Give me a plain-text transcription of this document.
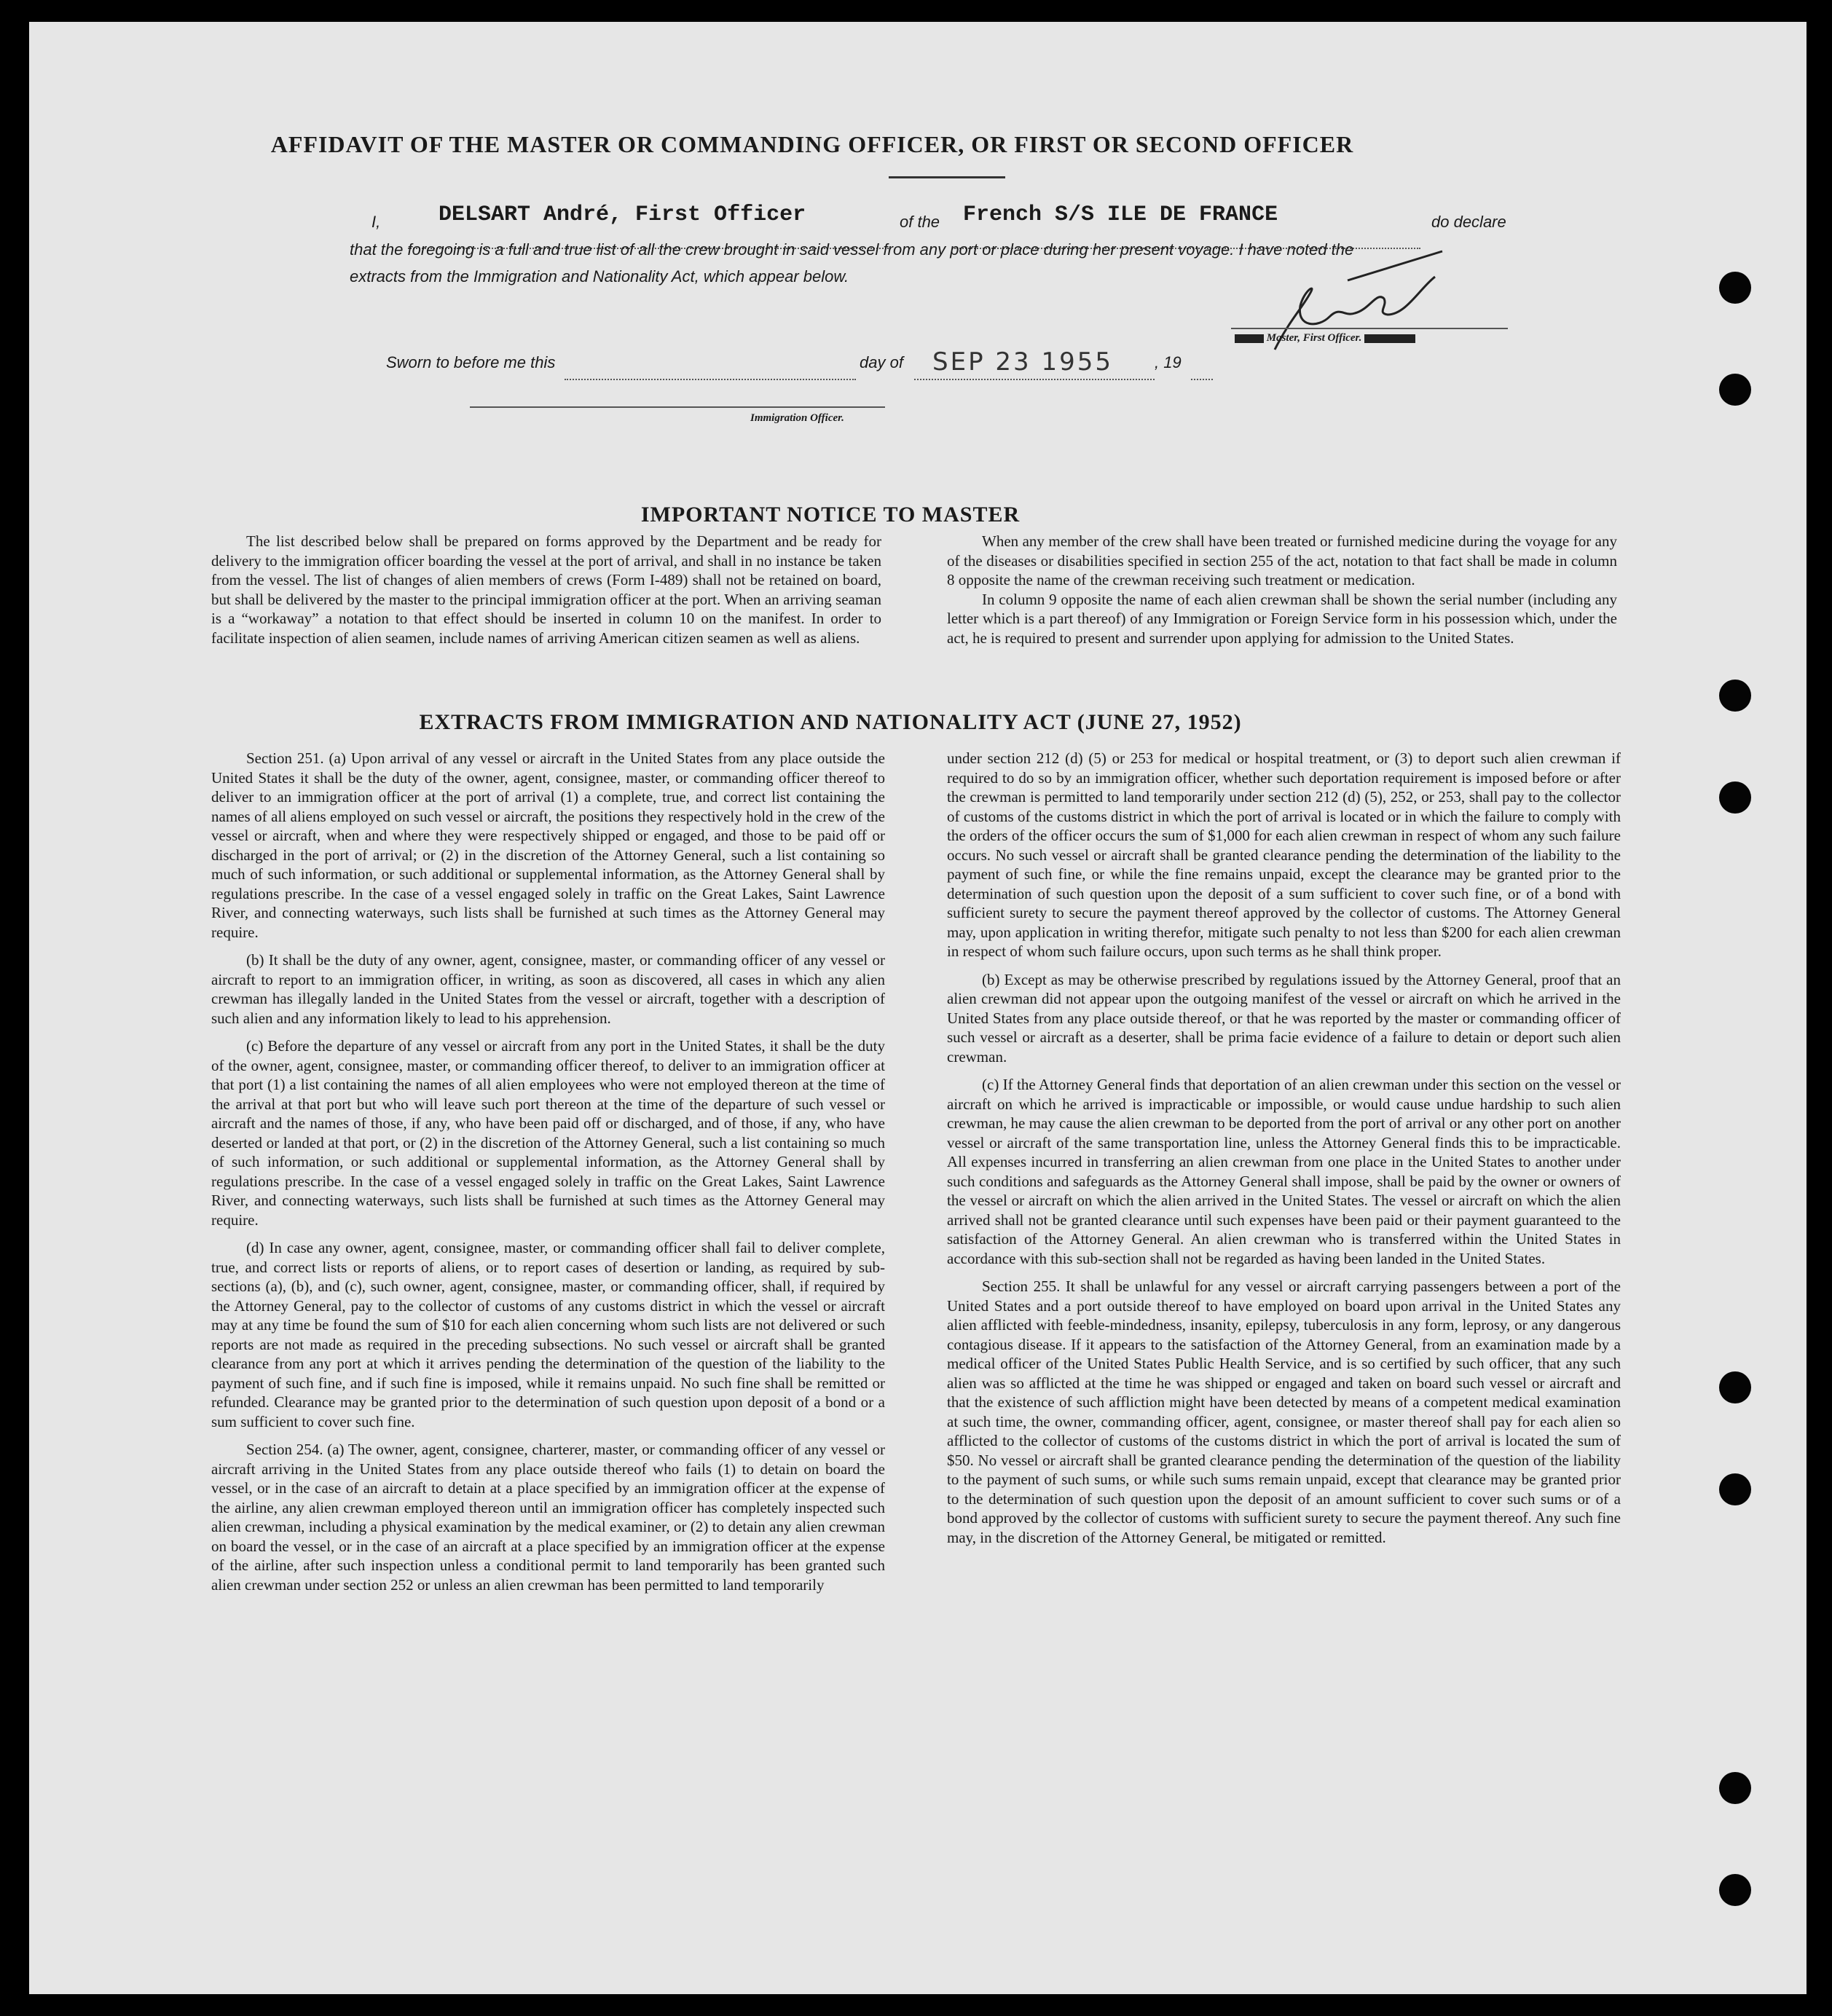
AFFIDAVIT OF THE MASTER OR COMMANDING OFFICER, OR FIRST OR SECOND OFFICER
I,	DELSART André, First Officer	of the French S/S ILE DE FRANCE	do declare
that the foregoing is a full and true list of all the crew brought in said vessel from any port or place during her present voyage. I have noted the
extracts from the Immigration and Nationality Act, which appear below.
Master, First Officer.
Sworn to before me this	day of SEP 23 1955	, 19
Immigration Officer.
IMPORTANT NOTICE TO MASTER

The list described below shall be prepared on forms approved by the Department and be ready for delivery to the immigration officer boarding the vessel at the port of arrival, and shall in no instance be taken from the vessel. The list of changes of alien members of crews (Form I-489) shall not be retained on board, but shall be delivered by the master to the principal immigration officer at the port. When an arriving seaman is a “workaway” a notation to that effect should be inserted in column 10 on the manifest. In order to facilitate inspection of alien seamen, include names of arriving American citizen seamen as well as aliens.

When any member of the crew shall have been treated or furnished medicine during the voyage for any of the diseases or disabilities specified in section 255 of the act, notation to that fact shall be made in column 8 opposite the name of the crewman receiving such treatment or medication.

In column 9 opposite the name of each alien crewman shall be shown the serial number (including any letter which is a part thereof) of any Immigration or Foreign Service form in his possession which, under the act, he is required to present and surrender upon applying for admission to the United States.

EXTRACTS FROM IMMIGRATION AND NATIONALITY ACT (JUNE 27, 1952)

Section 251. (a) Upon arrival of any vessel or aircraft in the United States from any place outside the United States it shall be the duty of the owner, agent, consignee, master, or commanding officer thereof to deliver to an immigration officer at the port of arrival (1) a complete, true, and correct list containing the names of all aliens employed on such vessel or aircraft, the positions they respectively hold in the crew of the vessel or aircraft, when and where they were respectively shipped or engaged, and those to be paid off or discharged in the port of arrival; or (2) in the discretion of the Attorney General, such a list containing so much of such information, or such additional or supplemental information, as the Attorney General shall by regulations prescribe. In the case of a vessel engaged solely in traffic on the Great Lakes, Saint Lawrence River, and connecting waterways, such lists shall be furnished at such times as the Attorney General may require.

(b) It shall be the duty of any owner, agent, consignee, master, or commanding officer of any vessel or aircraft to report to an immigration officer, in writing, as soon as discovered, all cases in which any alien crewman has illegally landed in the United States from the vessel or aircraft, together with a description of such alien and any information likely to lead to his apprehension.

(c) Before the departure of any vessel or aircraft from any port in the United States, it shall be the duty of the owner, agent, consignee, master, or commanding officer thereof, to deliver to an immigration officer at that port (1) a list containing the names of all alien employees who were not employed thereon at the time of the arrival at that port but who will leave such port thereon at the time of the departure of such vessel or aircraft and the names of those, if any, who have been paid off or discharged, and of those, if any, who have deserted or landed at that port, or (2) in the discretion of the Attorney General, such a list containing so much of such information, or such additional or supplemental information, as the Attorney General shall by regulations prescribe. In the case of a vessel engaged solely in traffic on the Great Lakes, Saint Lawrence River, and connecting waterways, such lists shall be furnished at such times as the Attorney General may require.

(d) In case any owner, agent, consignee, master, or commanding officer shall fail to deliver complete, true, and correct lists or reports of aliens, or to report cases of desertion or landing, as required by sub-sections (a), (b), and (c), such owner, agent, consignee, master, or commanding officer, shall, if required by the Attorney General, pay to the collector of customs of any customs district in which the vessel or aircraft may at any time be found the sum of $10 for each alien concerning whom such lists are not delivered or such reports are not made as required in the preceding subsections. No such vessel or aircraft shall be granted clearance from any port at which it arrives pending the determination of the question of the liability to the payment of such fine, and if such fine is imposed, while it remains unpaid. No such fine shall be remitted or refunded. Clearance may be granted prior to the determination of such question upon deposit of a bond or a sum sufficient to cover such fine.

Section 254. (a) The owner, agent, consignee, charterer, master, or commanding officer of any vessel or aircraft arriving in the United States from any place outside thereof who fails (1) to detain on board the vessel, or in the case of an aircraft to detain at a place specified by an immigration officer at the expense of the airline, any alien crewman employed thereon until an immigration officer has completely inspected such alien crewman, including a physical examination by the medical examiner, or (2) to detain any alien crewman on board the vessel, or in the case of an aircraft at a place specified by an immigration officer at the expense of the airline, after such inspection unless a conditional permit to land temporarily has been granted such alien crewman under section 252 or unless an alien crewman has been permitted to land temporarily

under section 212 (d) (5) or 253 for medical or hospital treatment, or (3) to deport such alien crewman if required to do so by an immigration officer, whether such deportation requirement is imposed before or after the crewman is permitted to land temporarily under section 212 (d) (5), 252, or 253, shall pay to the collector of customs of the customs district in which the port of arrival is located or in which the failure to comply with the orders of the officer occurs the sum of $1,000 for each alien crewman in respect of whom any such failure occurs. No such vessel or aircraft shall be granted clearance pending the determination of the liability to the payment of such fine, or while the fine remains unpaid, except the clearance may be granted prior to the determination of such question upon the deposit of a sum sufficient to cover such fine, or of a bond with sufficient surety to secure the payment thereof approved by the collector of customs. The Attorney General may, upon application in writing therefor, mitigate such penalty to not less than $200 for each alien crewman in respect of whom such failure occurs, upon such terms as he shall think proper.

(b) Except as may be otherwise prescribed by regulations issued by the Attorney General, proof that an alien crewman did not appear upon the outgoing manifest of the vessel or aircraft on which he arrived in the United States from any place outside thereof, or that he was reported by the master or commanding officer of such vessel or aircraft as a deserter, shall be prima facie evidence of a failure to detain or deport such alien crewman.

(c) If the Attorney General finds that deportation of an alien crewman under this section on the vessel or aircraft on which he arrived is impracticable or impossible, or would cause undue hardship to such alien crewman, he may cause the alien crewman to be deported from the port of arrival or any other port on another vessel or aircraft of the same transportation line, unless the Attorney General finds this to be impracticable. All expenses incurred in transferring an alien crewman from one place in the United States to another under such conditions and safeguards as the Attorney General shall impose, shall be paid by the owner or owners of the vessel or aircraft on which the alien arrived in the United States. The vessel or aircraft on which the alien arrived shall not be granted clearance until such expenses have been paid or their payment guaranteed to the satisfaction of the Attorney General. An alien crewman who is transferred within the United States in accordance with this sub-section shall not be regarded as having been landed in the United States.

Section 255. It shall be unlawful for any vessel or aircraft carrying passengers between a port of the United States and a port outside thereof to have employed on board upon arrival in the United States any alien afflicted with feeble-mindedness, insanity, epilepsy, tuberculosis in any form, leprosy, or any dangerous contagious disease. If it appears to the satisfaction of the Attorney General, from an examination made by a medical officer of the United States Public Health Service, and is so certified by such officer, that any such alien was so afflicted at the time he was shipped or engaged and taken on board such vessel or aircraft and that the existence of such affliction might have been detected by means of a competent medical examination at such time, the owner, commanding officer, agent, consignee, or master thereof shall pay for each alien so afflicted to the collector of customs of the customs district in which the port of arrival is located the sum of $50. No vessel or aircraft shall be granted clearance pending the determination of the question of the liability to the payment of such sums, or while such sums remain unpaid, except that clearance may be granted prior to the determination of such question upon the deposit of an amount sufficient to cover such sums or of a bond approved by the collector of customs with sufficient surety to secure the payment thereof. Any such fine may, in the discretion of the Attorney General, be mitigated or remitted.
